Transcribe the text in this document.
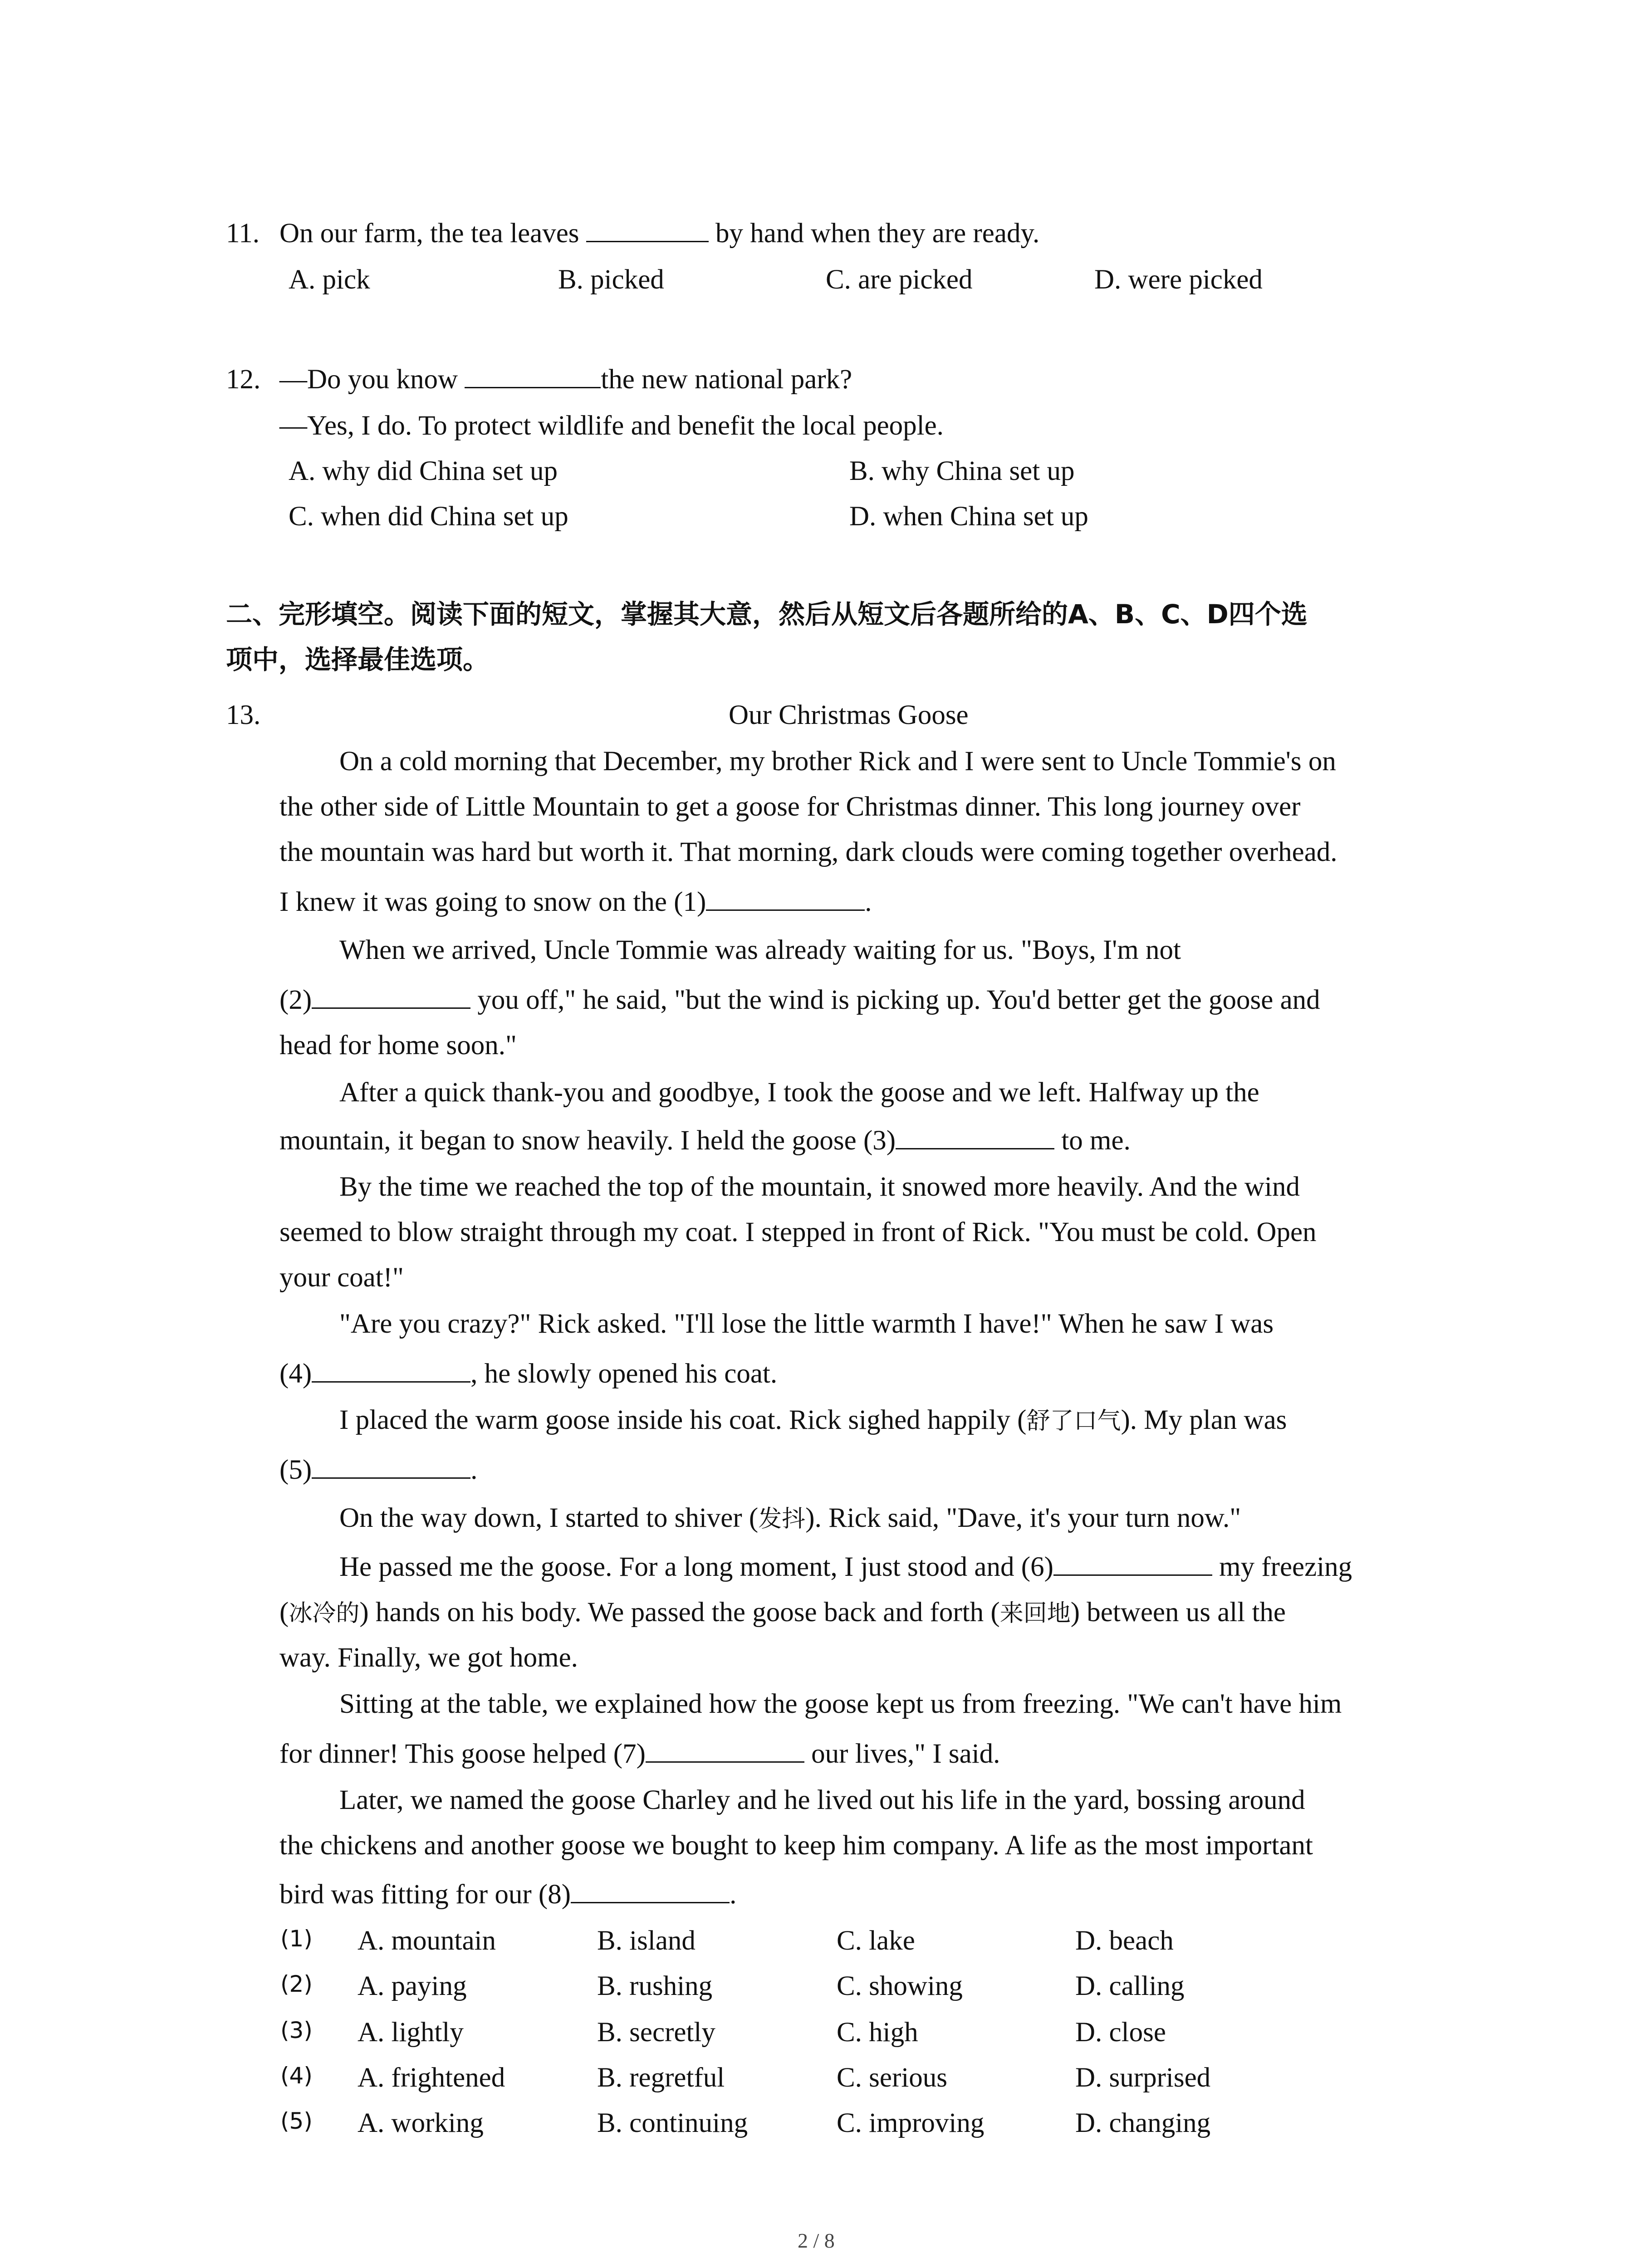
11. On our farm, the tea leaves	by hand when they are ready.
A. pick	B. picked	C. are picked	D. were picked
12. —Do you know	the new national park?
—Yes, I do. To protect wildlife and benefit the local people.
A. why did China set up	B. why China set up
C. when did China set up	D. when China set up
二、完形填空。阅读下面的短文，掌握其大意，然后从短文后各题所给的A、B、C、D四个选
项中，选择最佳选项。
13.	Our Christmas Goose
On a cold morning that December, my brother Rick and I were sent to Uncle Tommie's on
the other side of Little Mountain to get a goose for Christmas dinner. This long journey over
the mountain was hard but worth it. That morning, dark clouds were coming together overhead.
I knew it was going to snow on the (1)	.
When we arrived, Uncle Tommie was already waiting for us. "Boys, I'm not
(2)	you off," he said, "but the wind is picking up. You'd better get the goose and
head for home soon."
After a quick thank-you and goodbye, I took the goose and we left. Halfway up the
mountain, it began to snow heavily. I held the goose (3)	to me.
By the time we reached the top of the mountain, it snowed more heavily. And the wind
seemed to blow straight through my coat. I stepped in front of Rick. "You must be cold. Open
your coat!"
"Are you crazy?" Rick asked. "I'll lose the little warmth I have!" When he saw I was
(4)	, he slowly opened his coat.
I placed the warm goose inside his coat. Rick sighed happily (舒了口气). My plan was
(5)	.
On the way down, I started to shiver (发抖). Rick said, "Dave, it's your turn now."
He passed me the goose. For a long moment, I just stood and (6)	my freezing
(冰冷的) hands on his body. We passed the goose back and forth (来回地) between us all the
way. Finally, we got home.
Sitting at the table, we explained how the goose kept us from freezing. "We can't have him
for dinner! This goose helped (7)	our lives," I said.
Later, we named the goose Charley and he lived out his life in the yard, bossing around
the chickens and another goose we bought to keep him company. A life as the most important
bird was fitting for our (8)	.
(1) A. mountain	B. island	C. lake	D. beach
(2) A. paying	B. rushing	C. showing	D. calling
(3) A. lightly	B. secretly	C. high	D. close
(4) A. frightened	B. regretful	C. serious	D. surprised
(5) A. working	B. continuing	C. improving	D. changing
2 / 8
